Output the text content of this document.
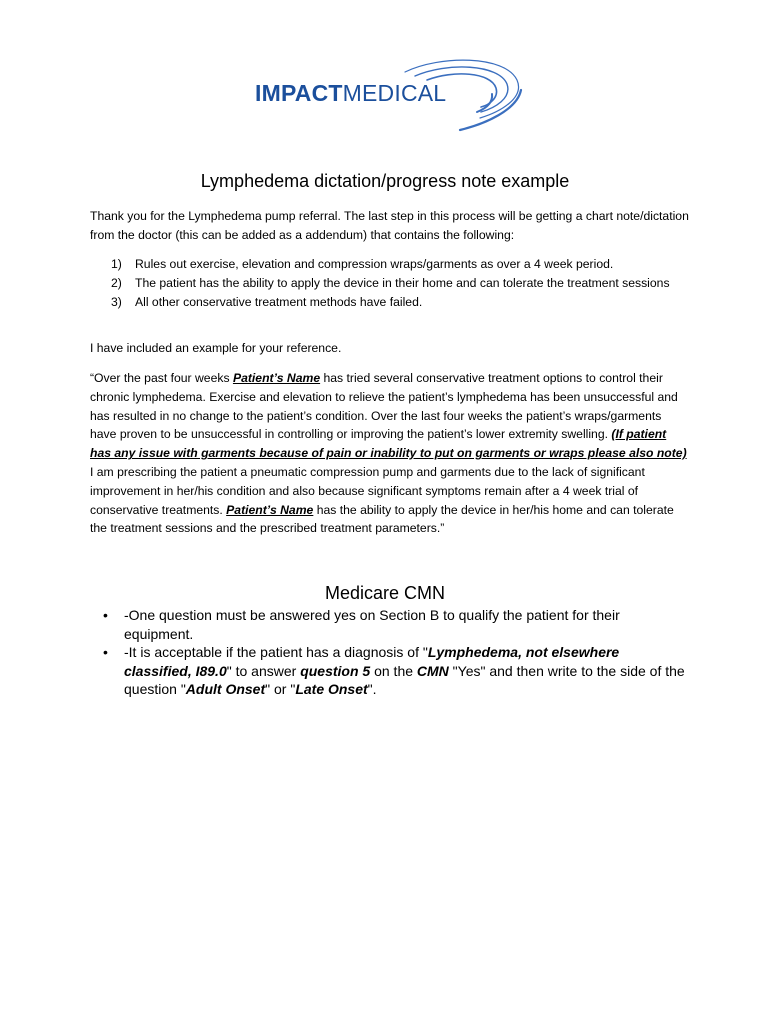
IMPACTMEDICAL
Lymphedema dictation/progress note example
Thank you for the Lymphedema pump referral. The last step in this process will be getting a chart note/dictation from the doctor (this can be added as a addendum) that contains the following:
1) Rules out exercise, elevation and compression wraps/garments as over a 4 week period.
2) The patient has the ability to apply the device in their home and can tolerate the treatment sessions
3) All other conservative treatment methods have failed.
I have included an example for your reference.
“Over the past four weeks Patient’s Name has tried several conservative treatment options to control their chronic lymphedema. Exercise and elevation to relieve the patient’s lymphedema has been unsuccessful and has resulted in no change to the patient’s condition. Over the last four weeks the patient’s wraps/garments have proven to be unsuccessful in controlling or improving the patient’s lower extremity swelling. (If patient has any issue with garments because of pain or inability to put on garments or wraps please also note) I am prescribing the patient a pneumatic compression pump and garments due to the lack of significant improvement in her/his condition and also because significant symptoms remain after a 4 week trial of conservative treatments. Patient’s Name has the ability to apply the device in her/his home and can tolerate the treatment sessions and the prescribed treatment parameters.”
Medicare CMN
• -One question must be answered yes on Section B to qualify the patient for their equipment.
• -It is acceptable if the patient has a diagnosis of "Lymphedema, not elsewhere classified, I89.0" to answer question 5 on the CMN "Yes" and then write to the side of the question "Adult Onset" or "Late Onset".
